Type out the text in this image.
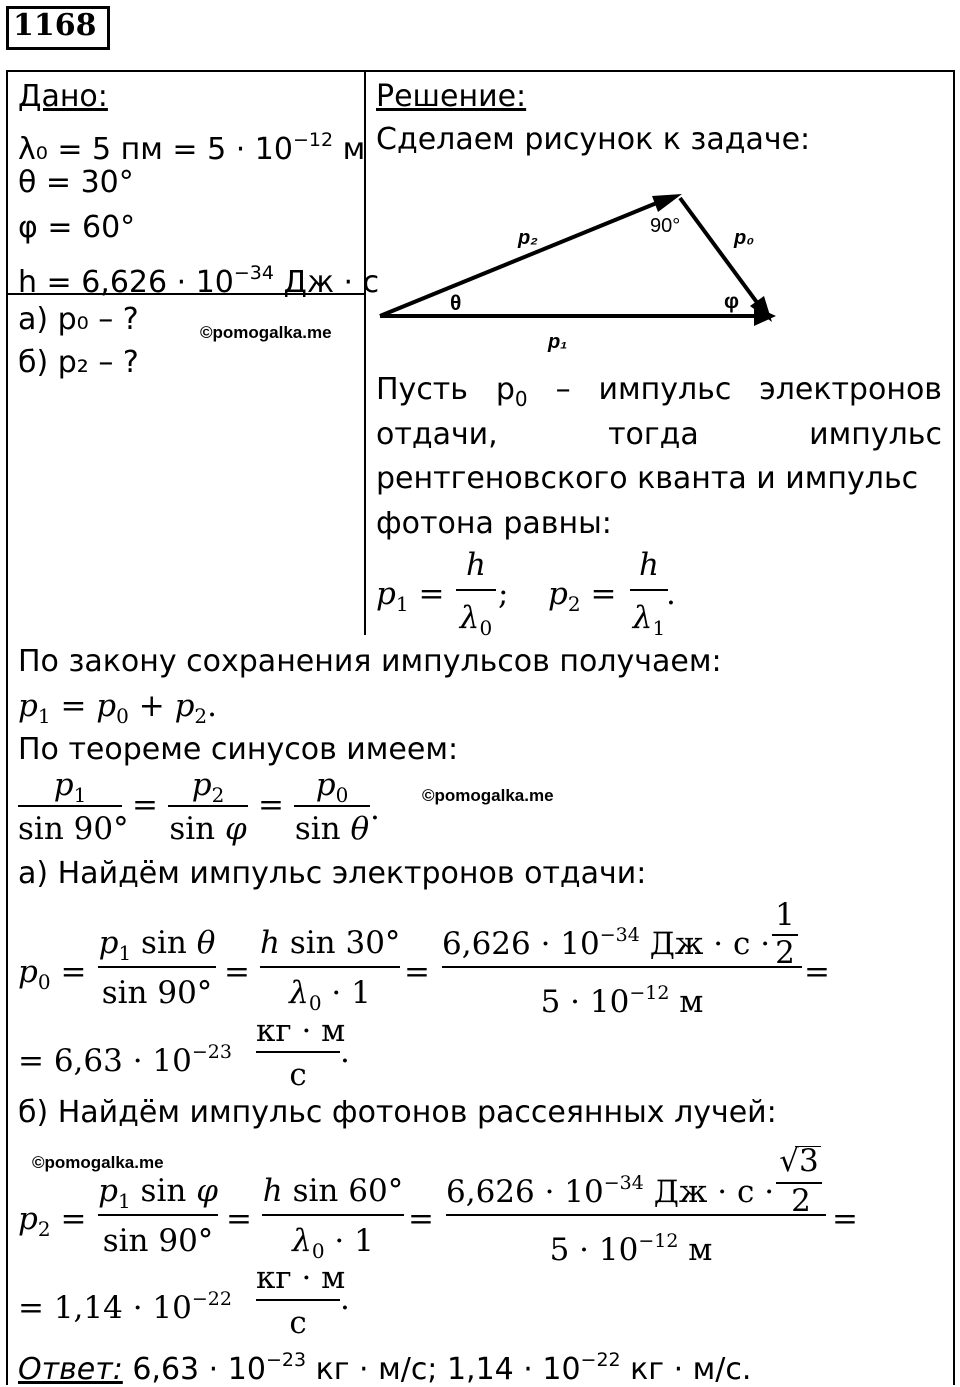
1168
Дано:
λ₀ = 5 пм = $5 \cdot 10^{-12}$ м
θ = 30°
φ = 60°
$h = 6,626 \cdot 10^{-34}$ Дж · с
а) p₀ – ?
б) p₂ – ?
©pomogalka.me
Решение:
Сделаем рисунок к задаче:
90°
p₂	p₀
p₁
θ	φ
Пусть $p_0$ – импульс электронов
отдачи,	тогда	импульс
рентгеновского кванта и импульс
фотона равны:
$p_1$ =
h
$\lambda_0$
; $p_2$ =
h
$\lambda_1$
.
По закону сохранения импульсов получаем:
$p_1 = p_0 + p_2$.
По теореме синусов имеем:
$p_1$
sin 90°
=
$p_2$
sin φ
=
$p_0$
sin θ
. ©pomogalka.me
а) Найдём импульс электронов отдачи:
$p_0$ =
$p_1$ sin θ
sin 90°
=
h sin 30°
$\lambda_0 \cdot 1$
=
$6,626 \cdot 10^{-34}$ Дж · с ·
1
2
$5 \cdot 10^{-12}$ м
=
= $6,63 \cdot 10^{-23}$
кг · м
с
.
б) Найдём импульс фотонов рассеянных лучей:
©pomogalka.me
$p_2$ =
$p_1$ sin φ
sin 90°
=
h sin 60°
$\lambda_0 \cdot 1$
=
$6,626 \cdot 10^{-34}$ Дж · с ·
√3
2
$5 \cdot 10^{-12}$ м
=
= $1,14 \cdot 10^{-22}$
кг · м
с
.
Ответ: $6,63 \cdot 10^{-23}$ кг · м/с; $1,14 \cdot 10^{-22}$ кг · м/с.
